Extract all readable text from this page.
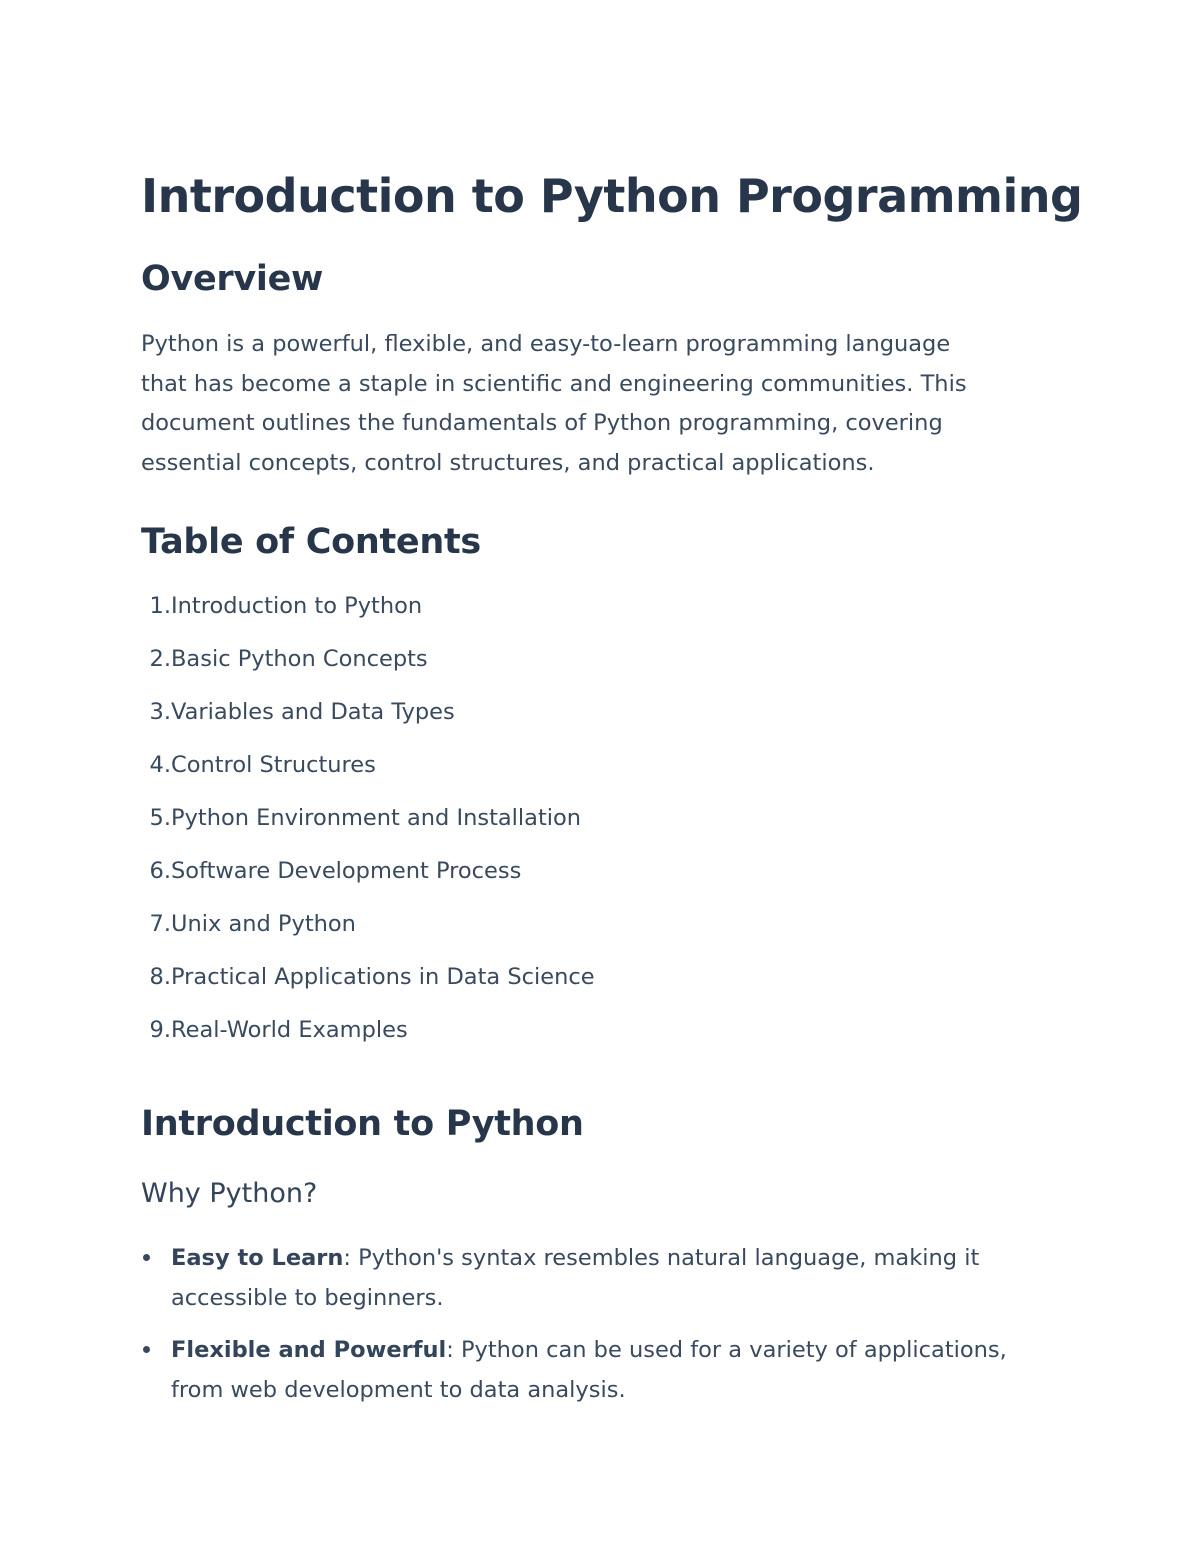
Introduction to Python Programming
Overview

Python is a powerful, flexible, and easy-to-learn programming language
that has become a staple in scientific and engineering communities. This
document outlines the fundamentals of Python programming, covering
essential concepts, control structures, and practical applications.

Table of Contents
1. Introduction to Python
2. Basic Python Concepts
3. Variables and Data Types
4. Control Structures
5. Python Environment and Installation
6. Software Development Process
7. Unix and Python
8. Practical Applications in Data Science
9. Real-World Examples
Introduction to Python
Why Python?
Easy to Learn: Python's syntax resembles natural language, making it
accessible to beginners.
Flexible and Powerful: Python can be used for a variety of applications,
from web development to data analysis.
